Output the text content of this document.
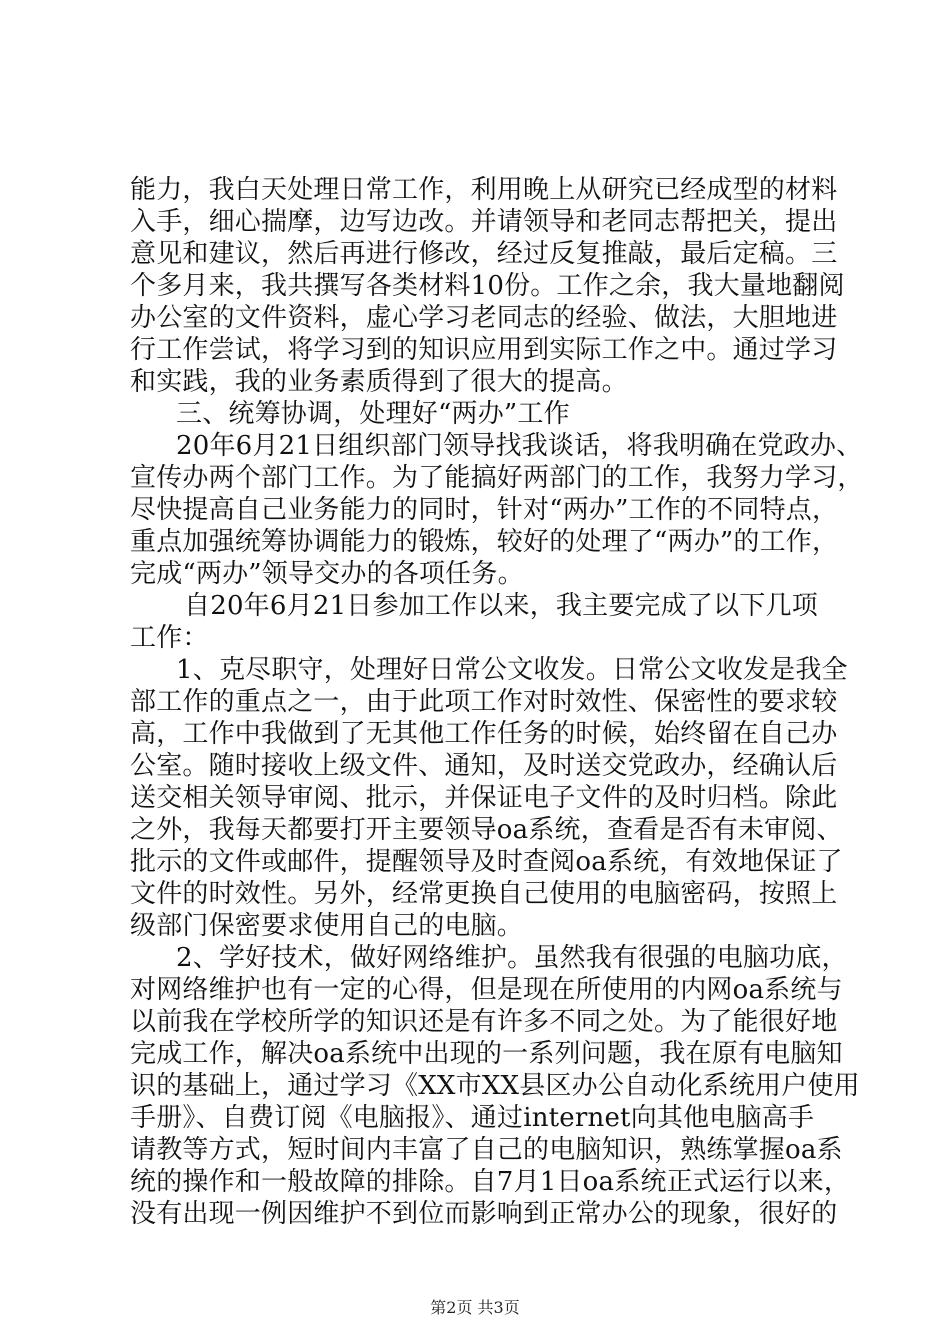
能力，我白天处理日常工作，利用晚上从研究已经成型的材料
入手，细心揣摩，边写边改。并请领导和老同志帮把关，提出
意见和建议，然后再进行修改，经过反复推敲，最后定稿。三
个多月来，我共撰写各类材料10份。工作之余，我大量地翻阅
办公室的文件资料，虚心学习老同志的经验、做法，大胆地进
行工作尝试，将学习到的知识应用到实际工作之中。通过学习
和实践，我的业务素质得到了很大的提高。
三、统筹协调，处理好“两办”工作
20年6月21日组织部门领导找我谈话，将我明确在党政办、
宣传办两个部门工作。为了能搞好两部门的工作，我努力学习，
尽快提高自己业务能力的同时，针对“两办”工作的不同特点，
重点加强统筹协调能力的锻炼，较好的处理了“两办”的工作，
完成“两办”领导交办的各项任务。
自20年6月21日参加工作以来，我主要完成了以下几项
工作：
1、克尽职守，处理好日常公文收发。日常公文收发是我全
部工作的重点之一，由于此项工作对时效性、保密性的要求较
高，工作中我做到了无其他工作任务的时候，始终留在自己办
公室。随时接收上级文件、通知，及时送交党政办，经确认后
送交相关领导审阅、批示，并保证电子文件的及时归档。除此
之外，我每天都要打开主要领导oa系统，查看是否有未审阅、
批示的文件或邮件，提醒领导及时查阅oa系统，有效地保证了
文件的时效性。另外，经常更换自己使用的电脑密码，按照上
级部门保密要求使用自己的电脑。
2、学好技术，做好网络维护。虽然我有很强的电脑功底，
对网络维护也有一定的心得，但是现在所使用的内网oa系统与
以前我在学校所学的知识还是有许多不同之处。为了能很好地
完成工作，解决oa系统中出现的一系列问题，我在原有电脑知
识的基础上，通过学习《XX市XX县区办公自动化系统用户使用
手册》、自费订阅《电脑报》、通过internet向其他电脑高手
请教等方式，短时间内丰富了自己的电脑知识，熟练掌握oa系
统的操作和一般故障的排除。自7月1日oa系统正式运行以来，
没有出现一例因维护不到位而影响到正常办公的现象，很好的
第2页 共3页
